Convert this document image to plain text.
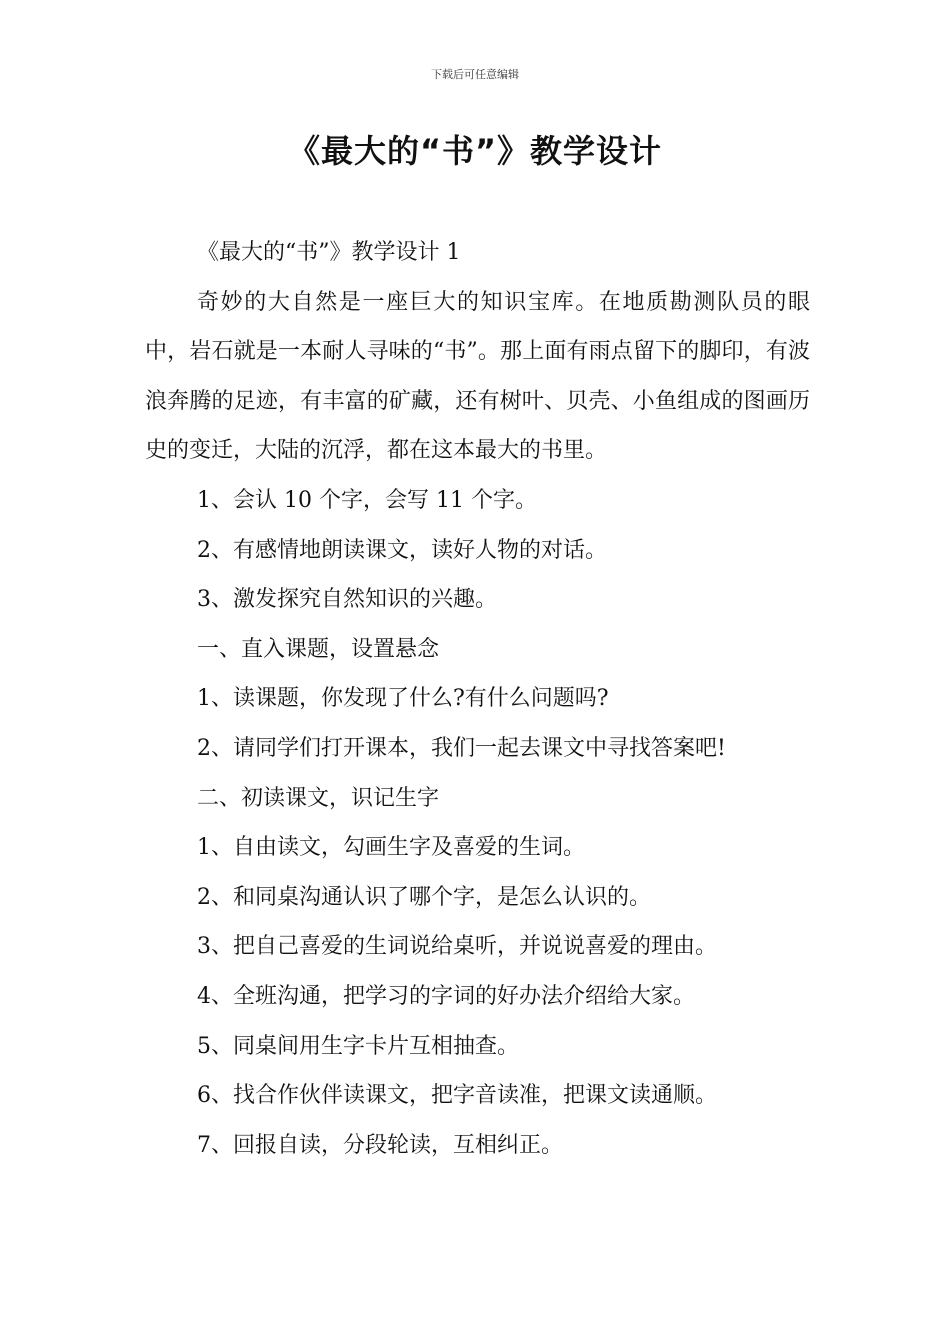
下载后可任意编辑
《最大的“书”》教学设计
《最大的“书”》教学设计 1

奇妙的大自然是一座巨大的知识宝库。在地质勘测队员的眼中，岩石就是一本耐人寻味的“书”。那上面有雨点留下的脚印，有波浪奔腾的足迹，有丰富的矿藏，还有树叶、贝壳、小鱼组成的图画历史的变迁，大陆的沉浮，都在这本最大的书里。

1、会认 10 个字，会写 11 个字。
2、有感情地朗读课文，读好人物的对话。
3、激发探究自然知识的兴趣。
一、直入课题，设置悬念
1、读课题，你发现了什么?有什么问题吗?
2、请同学们打开课本，我们一起去课文中寻找答案吧!
二、初读课文，识记生字
1、自由读文，勾画生字及喜爱的生词。
2、和同桌沟通认识了哪个字，是怎么认识的。
3、把自己喜爱的生词说给桌听，并说说喜爱的理由。
4、全班沟通，把学习的字词的好办法介绍给大家。
5、同桌间用生字卡片互相抽查。
6、找合作伙伴读课文，把字音读准，把课文读通顺。
7、回报自读，分段轮读，互相纠正。
